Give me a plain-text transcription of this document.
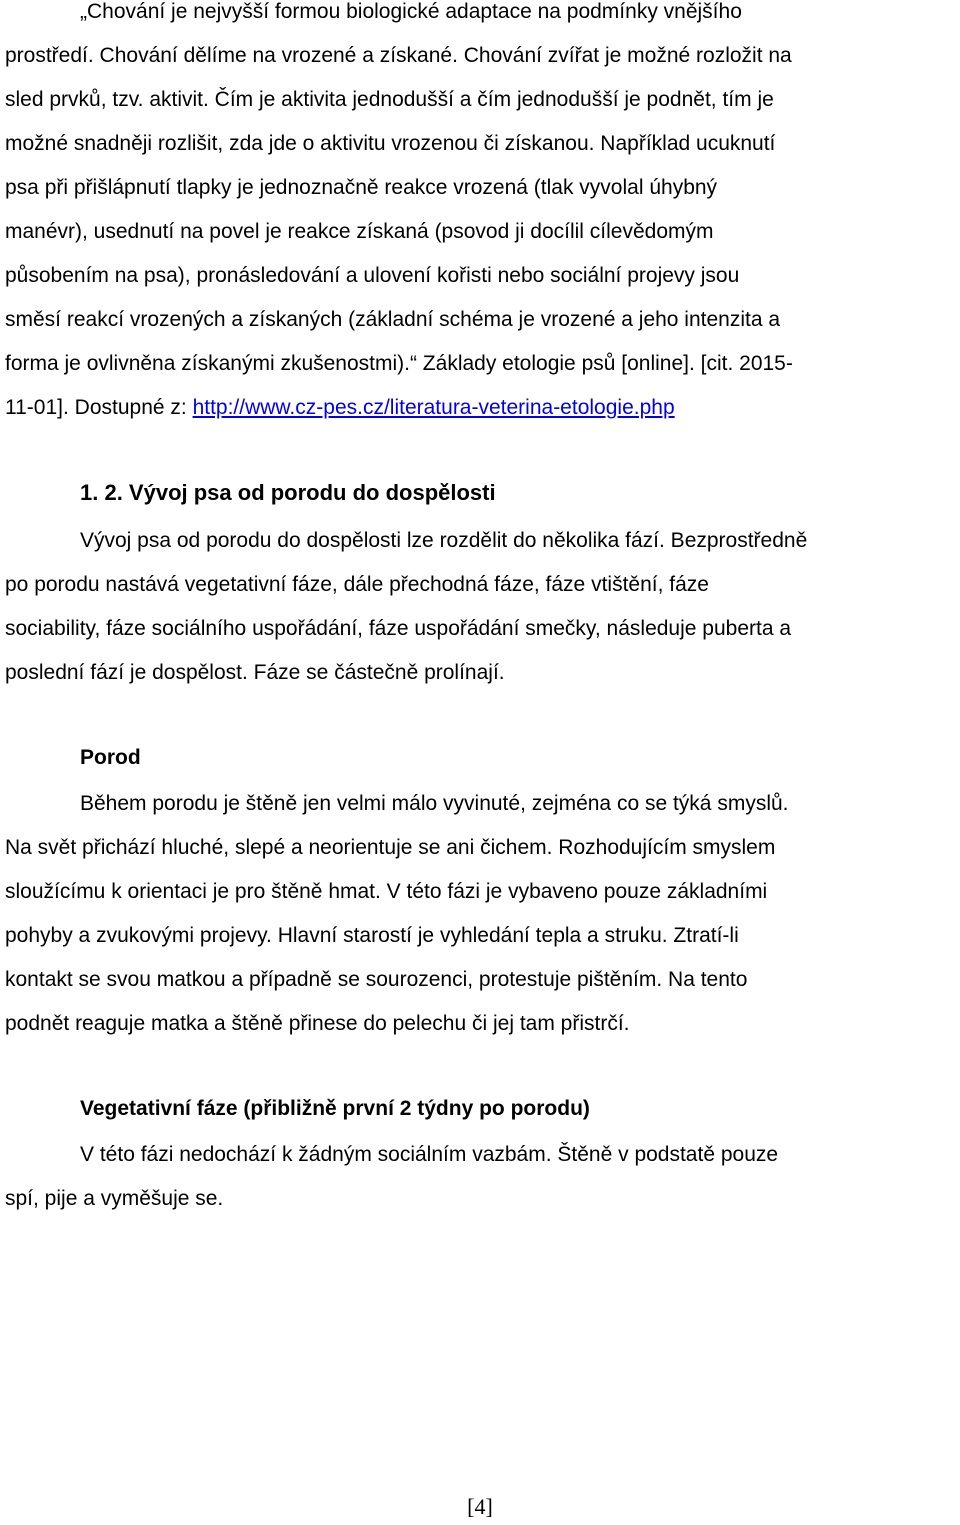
„Chování je nejvyšší formou biologické adaptace na podmínky vnějšího
prostředí. Chování dělíme na vrozené a získané. Chování zvířat je možné rozložit na
sled prvků, tzv. aktivit. Čím je aktivita jednodušší a čím jednodušší je podnět, tím je
možné snadněji rozlišit, zda jde o aktivitu vrozenou či získanou. Například ucuknutí
psa při přišlápnutí tlapky je jednoznačně reakce vrozená (tlak vyvolal úhybný
manévr), usednutí na povel je reakce získaná (psovod ji docílil cílevědomým
působením na psa), pronásledování a ulovení kořisti nebo sociální projevy jsou
směsí reakcí vrozených a získaných (základní schéma je vrozené a jeho intenzita a
forma je ovlivněna získanými zkušenostmi).“ Základy etologie psů [online]. [cit. 2015-
11-01]. Dostupné z: http://www.cz-pes.cz/literatura-veterina-etologie.php
1. 2. Vývoj psa od porodu do dospělosti
Vývoj psa od porodu do dospělosti lze rozdělit do několika fází. Bezprostředně
po porodu nastává vegetativní fáze, dále přechodná fáze, fáze vtištění, fáze
sociability, fáze sociálního uspořádání, fáze uspořádání smečky, následuje puberta a
poslední fází je dospělost. Fáze se částečně prolínají.
Porod
Během porodu je štěně jen velmi málo vyvinuté, zejména co se týká smyslů.
Na svět přichází hluché, slepé a neorientuje se ani čichem. Rozhodujícím smyslem
sloužícímu k orientaci je pro štěně hmat. V této fázi je vybaveno pouze základními
pohyby a zvukovými projevy. Hlavní starostí je vyhledání tepla a struku. Ztratí-li
kontakt se svou matkou a případně se sourozenci, protestuje pištěním. Na tento
podnět reaguje matka a štěně přinese do pelechu či jej tam přistrčí.
Vegetativní fáze (přibližně první 2 týdny po porodu)
V této fázi nedochází k žádným sociálním vazbám. Štěně v podstatě pouze
spí, pije a vyměšuje se.
[4]
